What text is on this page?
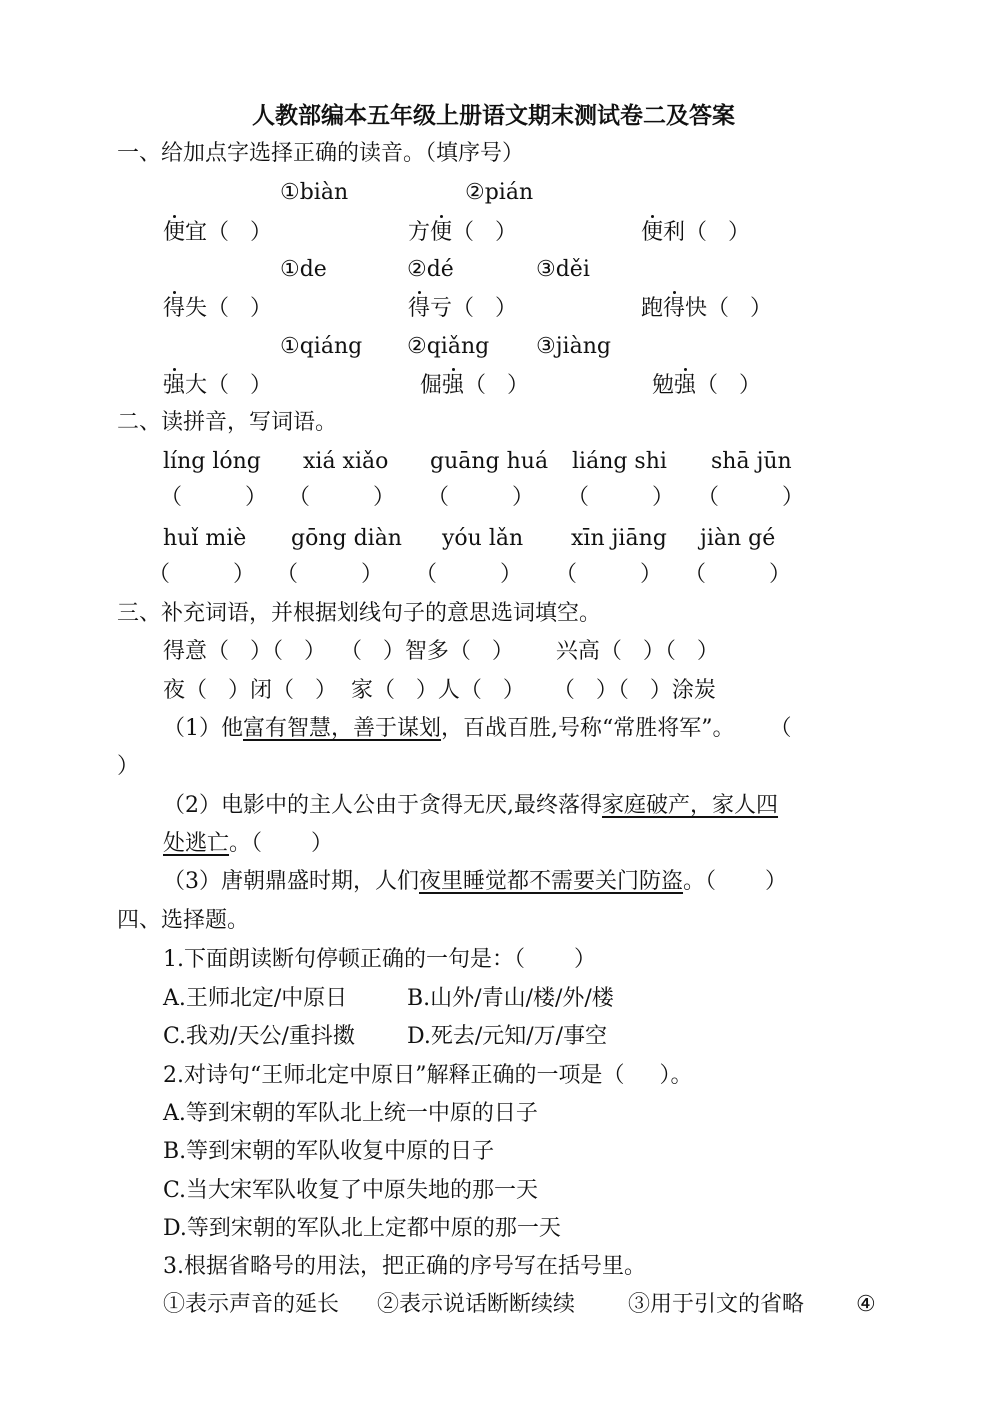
人教部编本五年级上册语文期末测试卷二及答案
一、给加点字选择正确的读音。（填序号）
①biàn	②pián
便宜（   ）	方便（   ）	便利（   ）
①de	②dé	③děi
得失（   ）	得亏（   ）	跑得快（   ）
①qiáng ②qiǎng ③jiàng
强大（   ）	倔强（   ）	勉强（   ）
二、读拼音，写词语。
líng lóng xiá xiǎo guāng huá liáng shi shā jūn
（         ） （         ） （         ） （         ） （         ）
huǐ miè gōng diàn yóu lǎn xīn jiāng jiàn gé
（         ） （         ） （         ） （         ） （         ）
三、补充词语，并根据划线句子的意思选词填空。
得意（   ）（   ）  （   ）智多（   ）      兴高（   ）（   ）
夜（   ）闭（   ）  家（   ）人（   ）    （   ）（   ）涂炭
（1）他富有智慧，善于谋划，百战百胜,号称“常胜将军”。     （
）
（2）电影中的主人公由于贪得无厌,最终落得家庭破产，家人四
处逃亡。（       ）
（3）唐朝鼎盛时期，人们夜里睡觉都不需要关门防盗。（       ）
四、选择题。
1.下面朗读断句停顿正确的一句是：（       ）
A.王师北定/中原日	B.山外/青山/楼/外/楼
C.我劝/天公/重抖擞 D.死去/元知/万/事空
2.对诗句“王师北定中原日”解释正确的一项是（     ）。
A.等到宋朝的军队北上统一中原的日子
B.等到宋朝的军队收复中原的日子
C.当大宋军队收复了中原失地的那一天
D.等到宋朝的军队北上定都中原的那一天
3.根据省略号的用法，把正确的序号写在括号里。
①表示声音的延长 ②表示说话断断续续 ③用于引文的省略 ④
